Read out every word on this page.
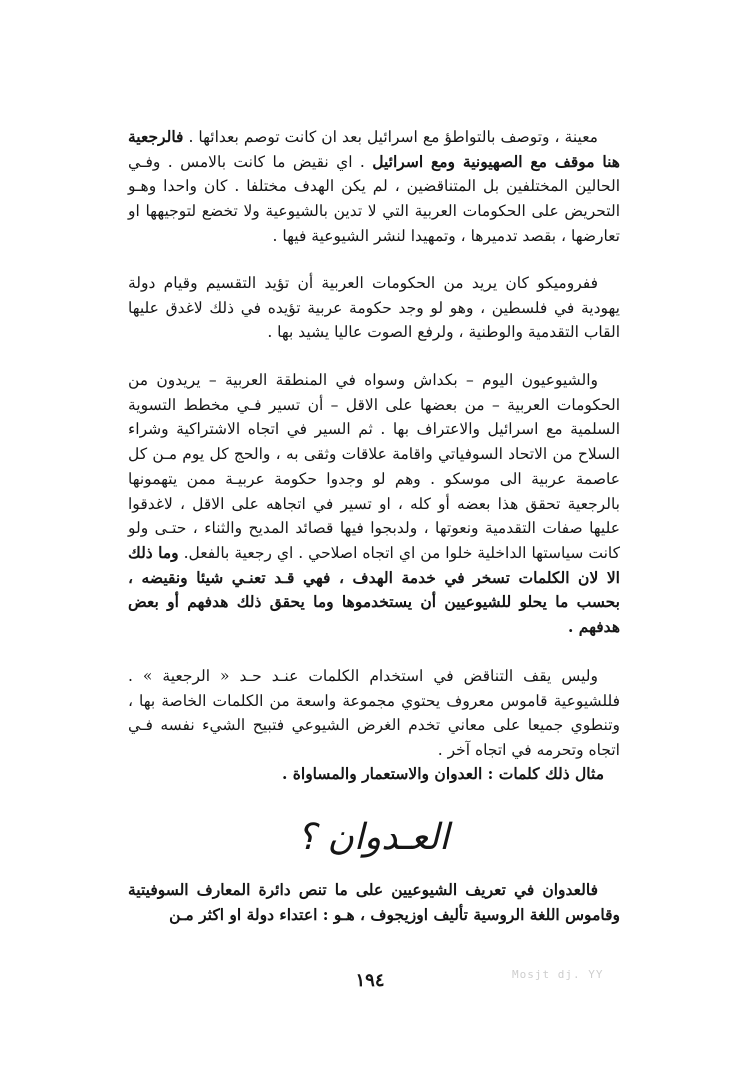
معينة ، وتوصف بالتواطؤ مع اسرائيل بعد ان كانت توصم بعدائها . فالرجعية هنا موقف مع الصهيونية ومع اسرائيل . اي نقيض ما كانت بالامس . وفـي الحالين المختلفين بل المتناقضين ، لم يكن الهدف مختلفا . كان واحدا وهـو التحريض على الحكومات العربية التي لا تدين بالشيوعية ولا تخضع لتوجيهها او تعارضها ، بقصد تدميرها ، وتمهيدا لنشر الشيوعية فيها .

ففروميكو كان يريد من الحكومات العربية أن تؤيد التقسيم وقيام دولة يهودية في فلسطين ، وهو لو وجد حكومة عربية تؤيده في ذلك لاغدق عليها القاب التقدمية والوطنية ، ولرفع الصوت عاليا يشيد بها .

والشيوعيون اليوم – بكداش وسواه في المنطقة العربية – يريدون من الحكومات العربية – من بعضها على الاقل – أن تسير فـي مخطط التسوية السلمية مع اسرائيل والاعتراف بها . ثم السير في اتجاه الاشتراكية وشراء السلاح من الاتحاد السوفياتي واقامة علاقات وثقى به ، والحج كل يوم مـن كل عاصمة عربية الى موسكو . وهم لو وجدوا حكومة عربيـة ممن يتهمونها بالرجعية تحقق هذا بعضه أو كله ، او تسير في اتجاهه على الاقل ، لاغدقوا عليها صفات التقدمية ونعوتها ، ولدبجوا فيها قصائد المديح والثناء ، حتـى ولو كانت سياستها الداخلية خلوا من اي اتجاه اصلاحي . اي رجعية بالفعل. وما ذلك الا لان الكلمات تسخر في خدمة الهدف ، فهي قـد تعنـي شيئا ونقيضه ، بحسب ما يحلو للشيوعيين أن يستخدموها وما يحقق ذلك هدفهم أو بعض هدفهم .

وليس يقف التناقض في استخدام الكلمات عنـد حـد « الرجعية » . فللشيوعية قاموس معروف يحتوي مجموعة واسعة من الكلمات الخاصة بها ، وتنطوي جميعا على معاني تخدم الغرض الشيوعي فتبيح الشيء نفسه فـي اتجاه وتحرمه في اتجاه آخر .

مثال ذلك كلمات : العدوان والاستعمار والمساواة .

العـدوان ؟

فالعدوان في تعريف الشيوعيين على ما تنص دائرة المعارف السوفيتية وقاموس اللغة الروسية تأليف اوزيجوف ، هـو : اعتداء دولة او اكثر مـن

١٩٤	Mosjt dj. YY
